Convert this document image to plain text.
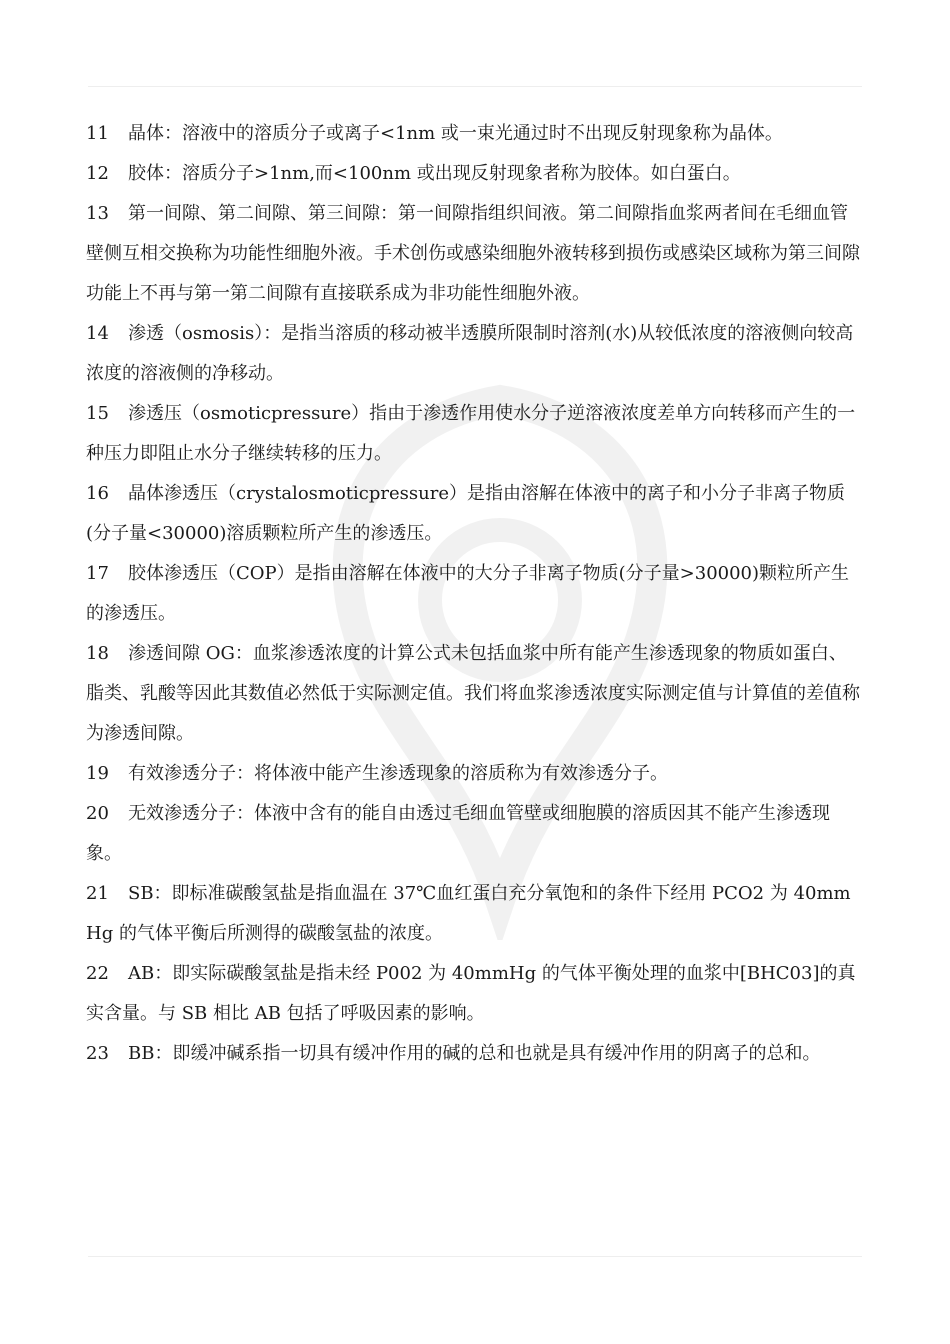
11 晶体：溶液中的溶质分子或离子<1nm 或一束光通过时不出现反射现象称为晶体。

12 胶体：溶质分子>1nm,而<100nm 或出现反射现象者称为胶体。如白蛋白。

13 第一间隙、第二间隙、第三间隙：第一间隙指组织间液。第二间隙指血浆两者间在毛细血管壁侧互相交换称为功能性细胞外液。手术创伤或感染细胞外液转移到损伤或感染区域称为第三间隙功能上不再与第一第二间隙有直接联系成为非功能性细胞外液。

14 渗透（osmosis）：是指当溶质的移动被半透膜所限制时溶剂(水)从较低浓度的溶液侧向较高浓度的溶液侧的净移动。

15 渗透压（osmoticpressure）指由于渗透作用使水分子逆溶液浓度差单方向转移而产生的一种压力即阻止水分子继续转移的压力。

16 晶体渗透压（crystalosmoticpressure）是指由溶解在体液中的离子和小分子非离子物质(分子量<30000)溶质颗粒所产生的渗透压。

17 胶体渗透压（COP）是指由溶解在体液中的大分子非离子物质(分子量>30000)颗粒所产生的渗透压。

18 渗透间隙 OG：血浆渗透浓度的计算公式未包括血浆中所有能产生渗透现象的物质如蛋白、脂类、乳酸等因此其数值必然低于实际测定值。我们将血浆渗透浓度实际测定值与计算值的差值称为渗透间隙。

19 有效渗透分子：将体液中能产生渗透现象的溶质称为有效渗透分子。

20 无效渗透分子：体液中含有的能自由透过毛细血管壁或细胞膜的溶质因其不能产生渗透现象。

21 SB：即标准碳酸氢盐是指血温在 37℃血红蛋白充分氧饱和的条件下经用 PCO2 为 40mmHg 的气体平衡后所测得的碳酸氢盐的浓度。

22 AB：即实际碳酸氢盐是指未经 P002 为 40mmHg 的气体平衡处理的血浆中[BHC03]的真实含量。与 SB 相比 AB 包括了呼吸因素的影响。

23 BB：即缓冲碱系指一切具有缓冲作用的碱的总和也就是具有缓冲作用的阴离子的总和。
